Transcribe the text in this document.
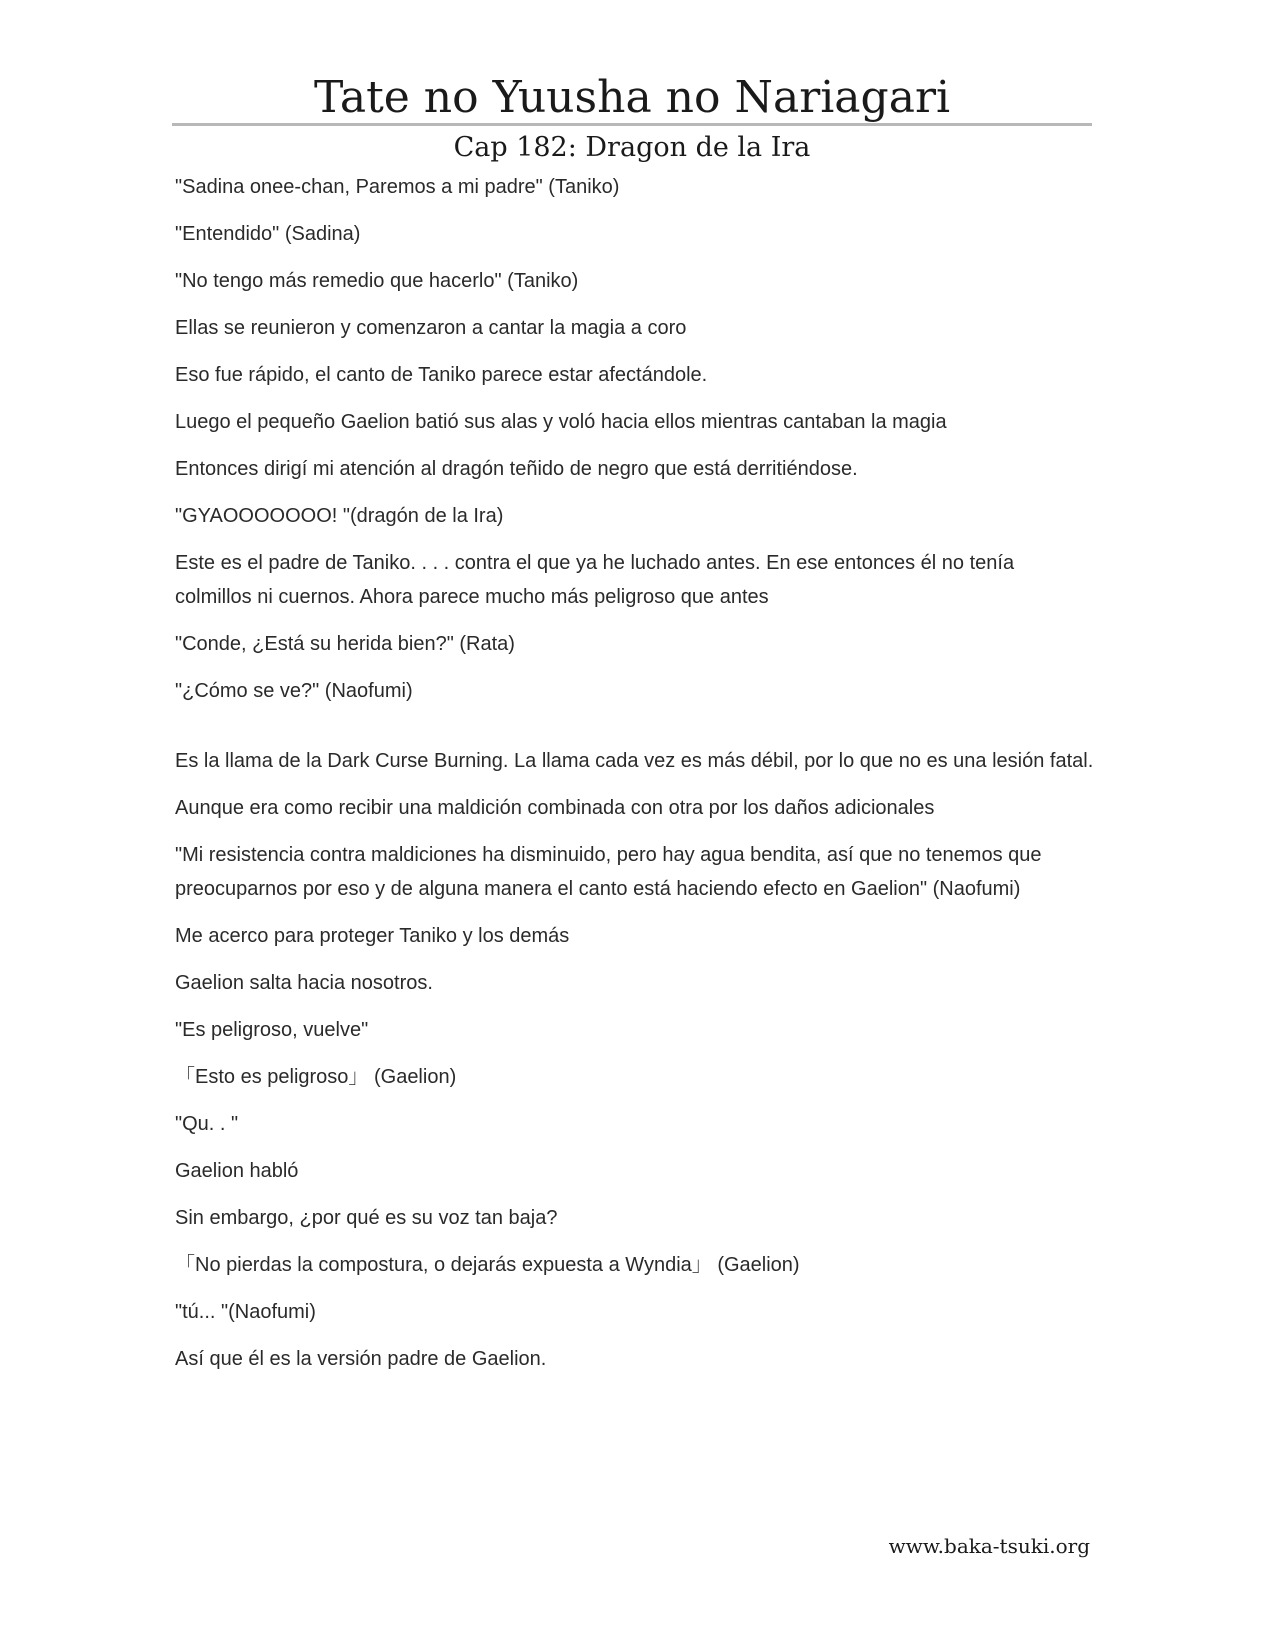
Tate no Yuusha no Nariagari
Cap 182: Dragon de la Ira

"Sadina onee-chan, Paremos a mi padre" (Taniko)

"Entendido" (Sadina)

"No tengo más remedio que hacerlo" (Taniko)

Ellas se reunieron y comenzaron a cantar la magia a coro

Eso fue rápido, el canto de Taniko parece estar afectándole.

Luego el pequeño Gaelion batió sus alas y voló hacia ellos mientras cantaban la magia

Entonces dirigí mi atención al dragón teñido de negro que está derritiéndose.

"GYAOOOOOOO! "(dragón de la Ira)

Este es el padre de Taniko. . . . contra el que ya he luchado antes. En ese entonces él no tenía colmillos ni cuernos. Ahora parece mucho más peligroso que antes

"Conde, ¿Está su herida bien?" (Rata)

"¿Cómo se ve?" (Naofumi)

Es la llama de la Dark Curse Burning. La llama cada vez es más débil, por lo que no es una lesión fatal.

Aunque era como recibir una maldición combinada con otra por los daños adicionales

"Mi resistencia contra maldiciones ha disminuido, pero hay agua bendita, así que no tenemos que preocuparnos por eso y de alguna manera el canto está haciendo efecto en Gaelion" (Naofumi)

Me acerco para proteger Taniko y los demás

Gaelion salta hacia nosotros.

"Es peligroso, vuelve"

「Esto es peligroso」 (Gaelion)

"Qu. . "

Gaelion habló

Sin embargo, ¿por qué es su voz tan baja?

「No pierdas la compostura, o dejarás expuesta a Wyndia」 (Gaelion)

"tú... "(Naofumi)

Así que él es la versión padre de Gaelion.

www.baka-tsuki.org
